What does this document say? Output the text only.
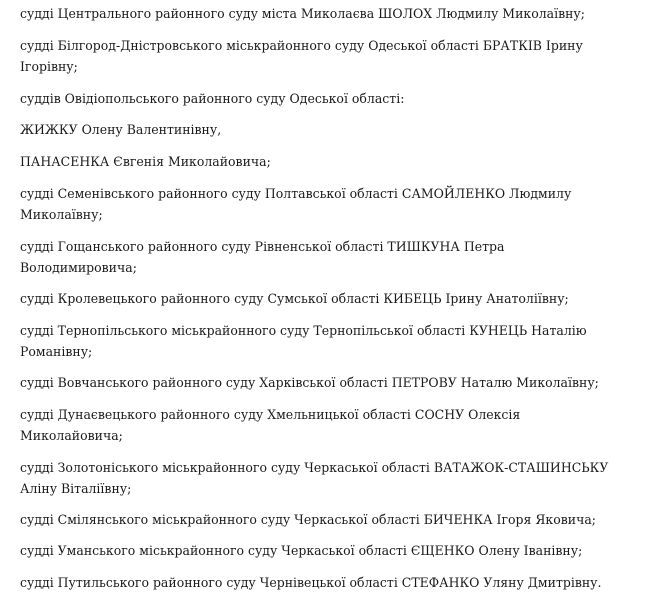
судді Центрального районного суду міста Миколаєва ШОЛОХ Людмилу Миколаївну;

судді Білгород-Дністровського міськрайонного суду Одеської області БРАТКІВ Ірину Ігорівну;

суддів Овідіопольського районного суду Одеської області:

ЖИЖКУ Олену Валентинівну,

ПАНАСЕНКА Євгенія Миколайовича;

судді Семенівського районного суду Полтавської області САМОЙЛЕНКО Людмилу Миколаївну;

судді Гощанського районного суду Рівненської області ТИШКУНА Петра Володимировича;

судді Кролевецького районного суду Сумської області КИБЕЦЬ Ірину Анатоліївну;

судді Тернопільського міськрайонного суду Тернопільської області КУНЕЦЬ Наталію Романівну;

судді Вовчанського районного суду Харківської області ПЕТРОВУ Наталю Миколаївну;

судді Дунаєвецького районного суду Хмельницької області СОСНУ Олексія Миколайовича;

судді Золотоніського міськрайонного суду Черкаської області ВАТАЖОК-СТАШИНСЬКУ Аліну Віталіївну;

судді Смілянського міськрайонного суду Черкаської області БИЧЕНКА Ігоря Яковича;

судді Уманського міськрайонного суду Черкаської області ЄЩЕНКО Олену Іванівну;

судді Путильського районного суду Чернівецької області СТЕФАНКО Уляну Дмитрівну.
